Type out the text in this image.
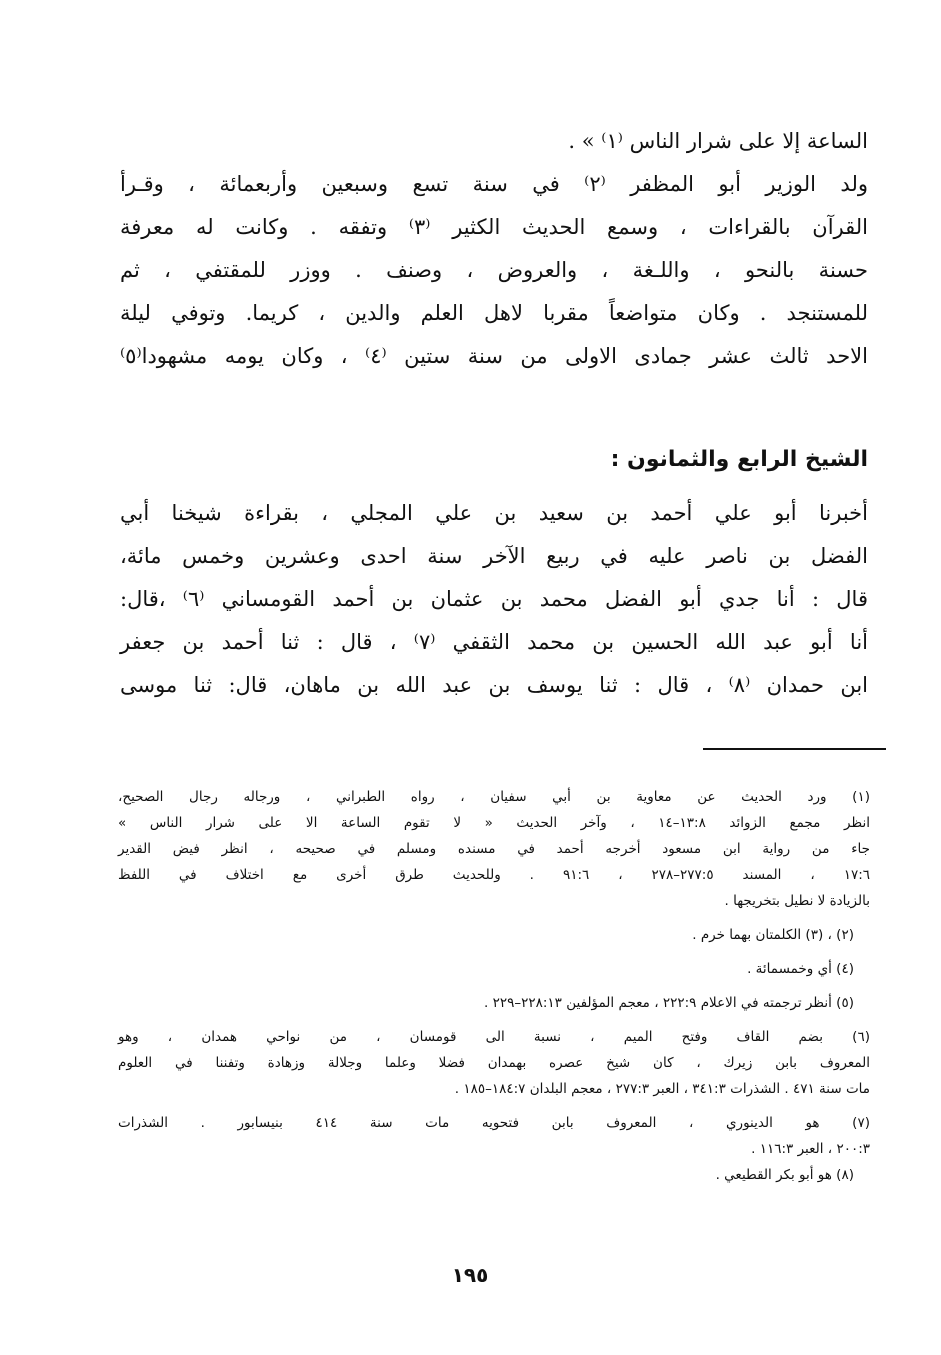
الساعة إلا على شرار الناس ⁽١⁾ » .
ولد الوزير أبو المظفر ⁽٢⁾ في سنة تسع وسبعين وأربعمائة ، وقـرأ
القرآن بالقراءات ، وسمع الحديث الكثير ⁽٣⁾ وتفقه . وكانت له معرفة
حسنة بالنحو ، واللـغة ، والعروض ، وصنف . ووزر للمقتفي ، ثم
للمستنجد . وكان متواضعاً مقربا لاهل العلم والدين ، كريما. وتوفي ليلة
الاحد ثالث عشر جمادى الاولى من سنة ستين ⁽٤⁾ ، وكان يومه مشهودا⁽٥⁾
الشيخ الرابع والثمانون :
أخبرنا أبو علي أحمد بن سعيد بن علي المجلي ، بقراءة شيخنا أبي
الفضل بن ناصر عليه في ربيع الآخر سنة احدى وعشرين وخمس مائة،
قال : أنا جدي أبو الفضل محمد بن عثمان بن أحمد القومساني ⁽٦⁾ ،قال:
أنا أبو عبد الله الحسين بن محمد الثقفي ⁽٧⁾ ، قال : ثنا أحمد بن جعفر
ابن حمدان ⁽٨⁾ ، قال : ثنا يوسف بن عبد الله بن ماهان، قال: ثنا موسى
(١) ورد الحديث عن معاوية بن أبي سفيان ، رواه الطبراني ، ورجاله رجال الصحيح،
انظر مجمع الزوائد ١٣:٨–١٤ ، وآخر الحديث « لا تقوم الساعة الا على شرار الناس »
جاء من رواية ابن مسعود أخرجه أحمد في مسنده ومسلم في صحيحه ، انظر فيض القدير
١٧:٦ ، المسند ٢٧٧:٥–٢٧٨ ، ٩١:٦ . وللحديث طرق أخرى مع اختلاف في اللفظ
بالزيادة لا نطيل بتخريجها .
(٢) ، (٣) الكلمتان بهما خرم .
(٤) أي وخمسمائة .
(٥) أنظر ترجمته في الاعلام ٢٢٢:٩ ، معجم المؤلفين ٢٢٨:١٣–٢٢٩ .
(٦) بضم القاف وفتح الميم ، نسبة الى قومسان ، من نواحي همدان ، وهو
المعروف بابن زيرك ، كان شيخ عصره بهمدان فضلا وعلما وجلالة وزهادة وتفننا في العلوم
مات سنة ٤٧١ . الشذرات ٣٤١:٣ ، العبر ٢٧٧:٣ ، معجم البلدان ١٨٤:٧–١٨٥ .
(٧) هو الدينوري ، المعروف بابن فتحويه مات سنة ٤١٤ بنيسابور . الشذرات
٢٠٠:٣ ، العبر ١١٦:٣ .
(٨) هو أبو بكر القطيعي .
١٩٥
